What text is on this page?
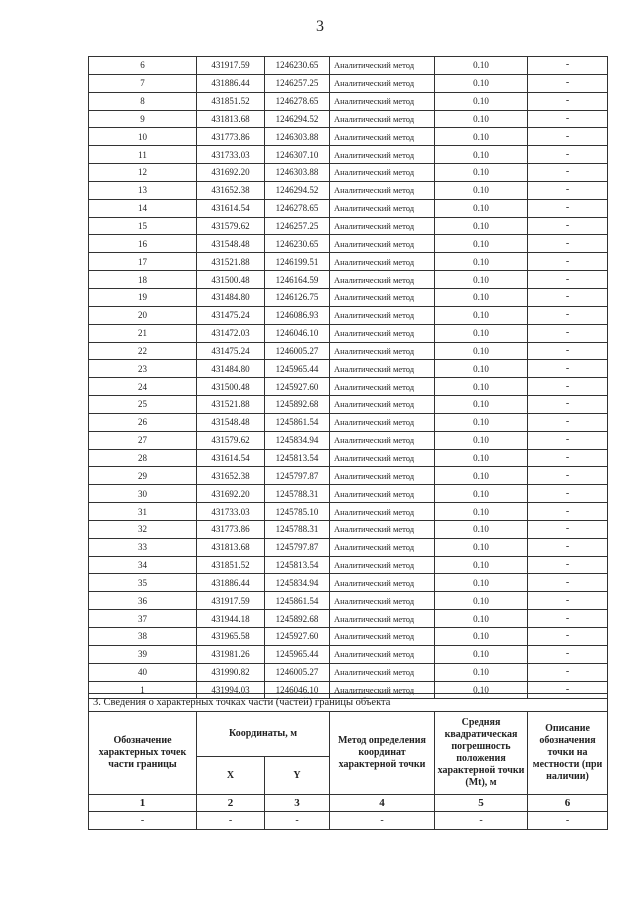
3
6	431917.59	1246230.65	Аналитический метод	0.10	-
7	431886.44	1246257.25	Аналитический метод	0.10	-
8	431851.52	1246278.65	Аналитический метод	0.10	-
9	431813.68	1246294.52	Аналитический метод	0.10	-
10	431773.86	1246303.88	Аналитический метод	0.10	-
11	431733.03	1246307.10	Аналитический метод	0.10	-
12	431692.20	1246303.88	Аналитический метод	0.10	-
13	431652.38	1246294.52	Аналитический метод	0.10	-
14	431614.54	1246278.65	Аналитический метод	0.10	-
15	431579.62	1246257.25	Аналитический метод	0.10	-
16	431548.48	1246230.65	Аналитический метод	0.10	-
17	431521.88	1246199.51	Аналитический метод	0.10	-
18	431500.48	1246164.59	Аналитический метод	0.10	-
19	431484.80	1246126.75	Аналитический метод	0.10	-
20	431475.24	1246086.93	Аналитический метод	0.10	-
21	431472.03	1246046.10	Аналитический метод	0.10	-
22	431475.24	1246005.27	Аналитический метод	0.10	-
23	431484.80	1245965.44	Аналитический метод	0.10	-
24	431500.48	1245927.60	Аналитический метод	0.10	-
25	431521.88	1245892.68	Аналитический метод	0.10	-
26	431548.48	1245861.54	Аналитический метод	0.10	-
27	431579.62	1245834.94	Аналитический метод	0.10	-
28	431614.54	1245813.54	Аналитический метод	0.10	-
29	431652.38	1245797.87	Аналитический метод	0.10	-
30	431692.20	1245788.31	Аналитический метод	0.10	-
31	431733.03	1245785.10	Аналитический метод	0.10	-
32	431773.86	1245788.31	Аналитический метод	0.10	-
33	431813.68	1245797.87	Аналитический метод	0.10	-
34	431851.52	1245813.54	Аналитический метод	0.10	-
35	431886.44	1245834.94	Аналитический метод	0.10	-
36	431917.59	1245861.54	Аналитический метод	0.10	-
37	431944.18	1245892.68	Аналитический метод	0.10	-
38	431965.58	1245927.60	Аналитический метод	0.10	-
39	431981.26	1245965.44	Аналитический метод	0.10	-
40	431990.82	1246005.27	Аналитический метод	0.10	-
1	431994.03	1246046.10	Аналитический метод	0.10	-
3. Сведения о характерных точках части (частей) границы объекта					
Обозначение характерных точек части границы	Координаты, м		Метод определения координат характерной точки	Средняя квадратическая погрешность положения характерной точки (Mt), м	Описание обозначения точки на местности (при наличии)
	X	Y			
1	2	3	4	5	6
-	-	-	-	-	-
